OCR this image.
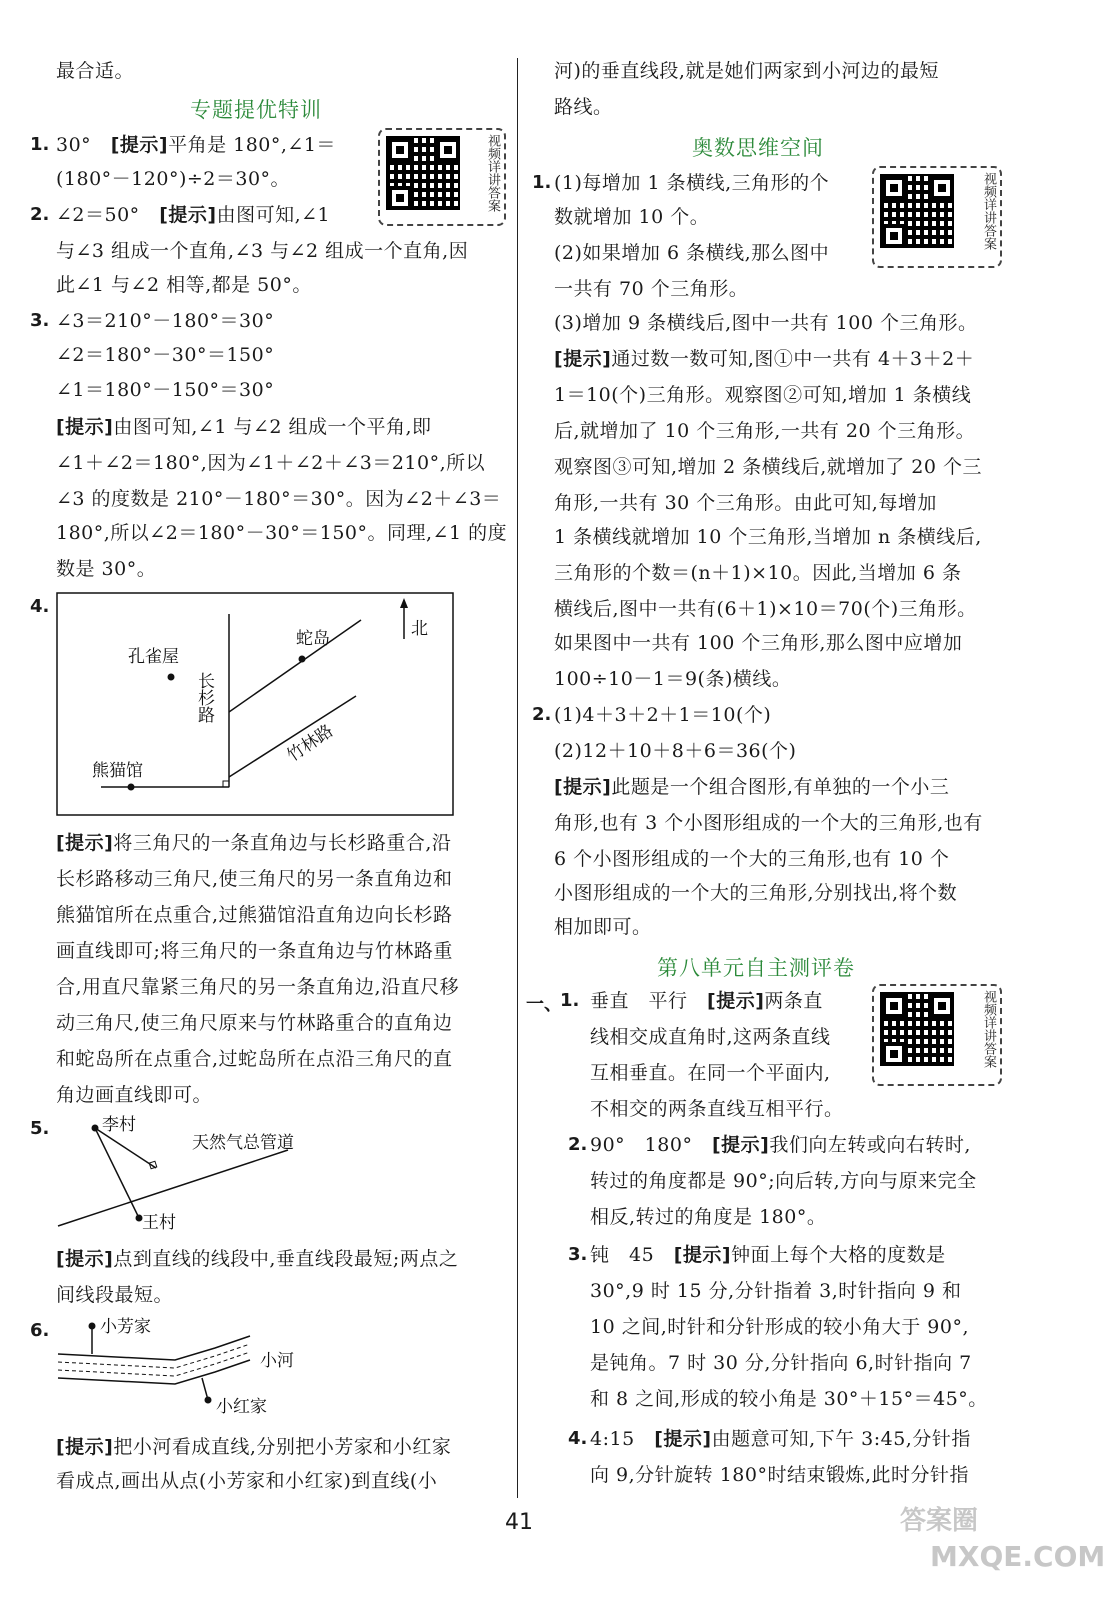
最合适。
专题提优特训
1. 30°　 [提示]平角是 180°,∠1＝
(180°－120°)÷2＝30°。
2. ∠2＝50°　 [提示]由图可知,∠1
与∠3 组成一个直角,∠3 与∠2 组成一个直角,因
此∠1 与∠2 相等,都是 50°。
3. ∠3＝210°－180°＝30°
∠2＝180°－30°＝150°
∠1＝180°－150°＝30°
[提示]由图可知,∠1 与∠2 组成一个平角,即
∠1＋∠2＝180°,因为∠1＋∠2＋∠3＝210°,所以
∠3 的度数是 210°－180°＝30°。因为∠2＋∠3＝
180°,所以∠2＝180°－30°＝150°。同理,∠1 的度
数是 30°。
4.
蛇岛	北
孔雀屋
长杉路
熊猫馆
竹林路
[提示]将三角尺的一条直角边与长杉路重合,沿
长杉路移动三角尺,使三角尺的另一条直角边和
熊猫馆所在点重合,过熊猫馆沿直角边向长杉路
画直线即可;将三角尺的一条直角边与竹林路重
合,用直尺靠紧三角尺的另一条直角边,沿直尺移
动三角尺,使三角尺原来与竹林路重合的直角边
和蛇岛所在点重合,过蛇岛所在点沿三角尺的直
角边画直线即可。
5.	李村
天然气总管道
王村
[提示]点到直线的线段中,垂直线段最短;两点之
间线段最短。
6.	小芳家
小河
小红家
[提示]把小河看成直线,分别把小芳家和小红家
看成点,画出从点(小芳家和小红家)到直线(小
视频详讲答案
河)的垂直线段,就是她们两家到小河边的最短
路线。
奥数思维空间
1. (1)每增加 1 条横线,三角形的个
数就增加 10 个。
(2)如果增加 6 条横线,那么图中
一共有 70 个三角形。
(3)增加 9 条横线后,图中一共有 100 个三角形。
[提示]通过数一数可知,图①中一共有 4＋3＋2＋
1＝10(个)三角形。观察图②可知,增加 1 条横线
后,就增加了 10 个三角形,一共有 20 个三角形。
观察图③可知,增加 2 条横线后,就增加了 20 个三
角形,一共有 30 个三角形。由此可知,每增加
1 条横线就增加 10 个三角形,当增加 n 条横线后,
三角形的个数＝(n＋1)×10。因此,当增加 6 条
横线后,图中一共有(6＋1)×10＝70(个)三角形。
如果图中一共有 100 个三角形,那么图中应增加
100÷10－1＝9(条)横线。
2. (1)4＋3＋2＋1＝10(个)
(2)12＋10＋8＋6＝36(个)
[提示]此题是一个组合图形,有单独的一个小三
角形,也有 3 个小图形组成的一个大的三角形,也有
6 个小图形组成的一个大的三角形,也有 10 个
小图形组成的一个大的三角形,分别找出,将个数
相加即可。
第八单元自主测评卷
一、
1. 垂直　平行　 [提示]两条直
线相交成直角时,这两条直线
互相垂直。在同一个平面内,
不相交的两条直线互相平行。
2. 90°　180°　 [提示]我们向左转或向右转时,
转过的角度都是 90°;向后转,方向与原来完全
相反,转过的角度是 180°。
3. 钝　45　 [提示]钟面上每个大格的度数是
30°,9 时 15 分,分针指着 3,时针指向 9 和
10 之间,时针和分针形成的较小角大于 90°,
是钝角。7 时 30 分,分针指向 6,时针指向 7
和 8 之间,形成的较小角是 30°＋15°＝45°。
4. 4:15　 [提示]由题意可知,下午 3:45,分针指
向 9,分针旋转 180°时结束锻炼,此时分针指
视频详讲答案
视频详讲答案
41	答案圈
MXQE.COM
